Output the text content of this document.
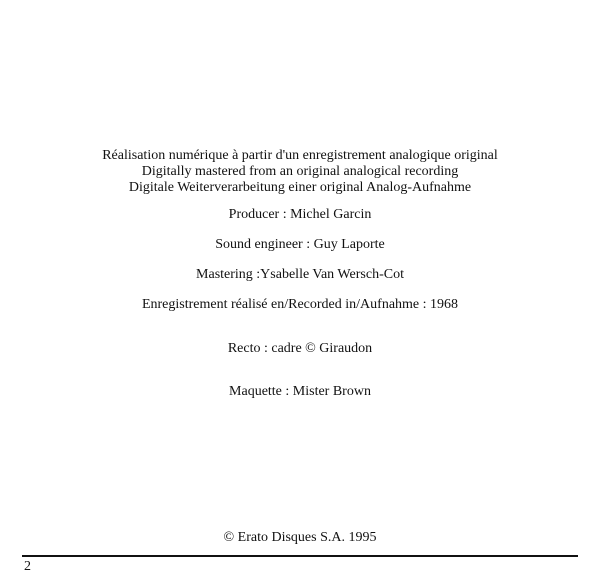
Réalisation numérique à partir d'un enregistrement analogique original
Digitally mastered from an original analogical recording
Digitale Weiterverarbeitung einer original Analog-Aufnahme
Producer : Michel Garcin
Sound engineer : Guy Laporte
Mastering :Ysabelle Van Wersch-Cot
Enregistrement réalisé en/Recorded in/Aufnahme : 1968
Recto : cadre © Giraudon
Maquette : Mister Brown
© Erato Disques S.A. 1995
2
